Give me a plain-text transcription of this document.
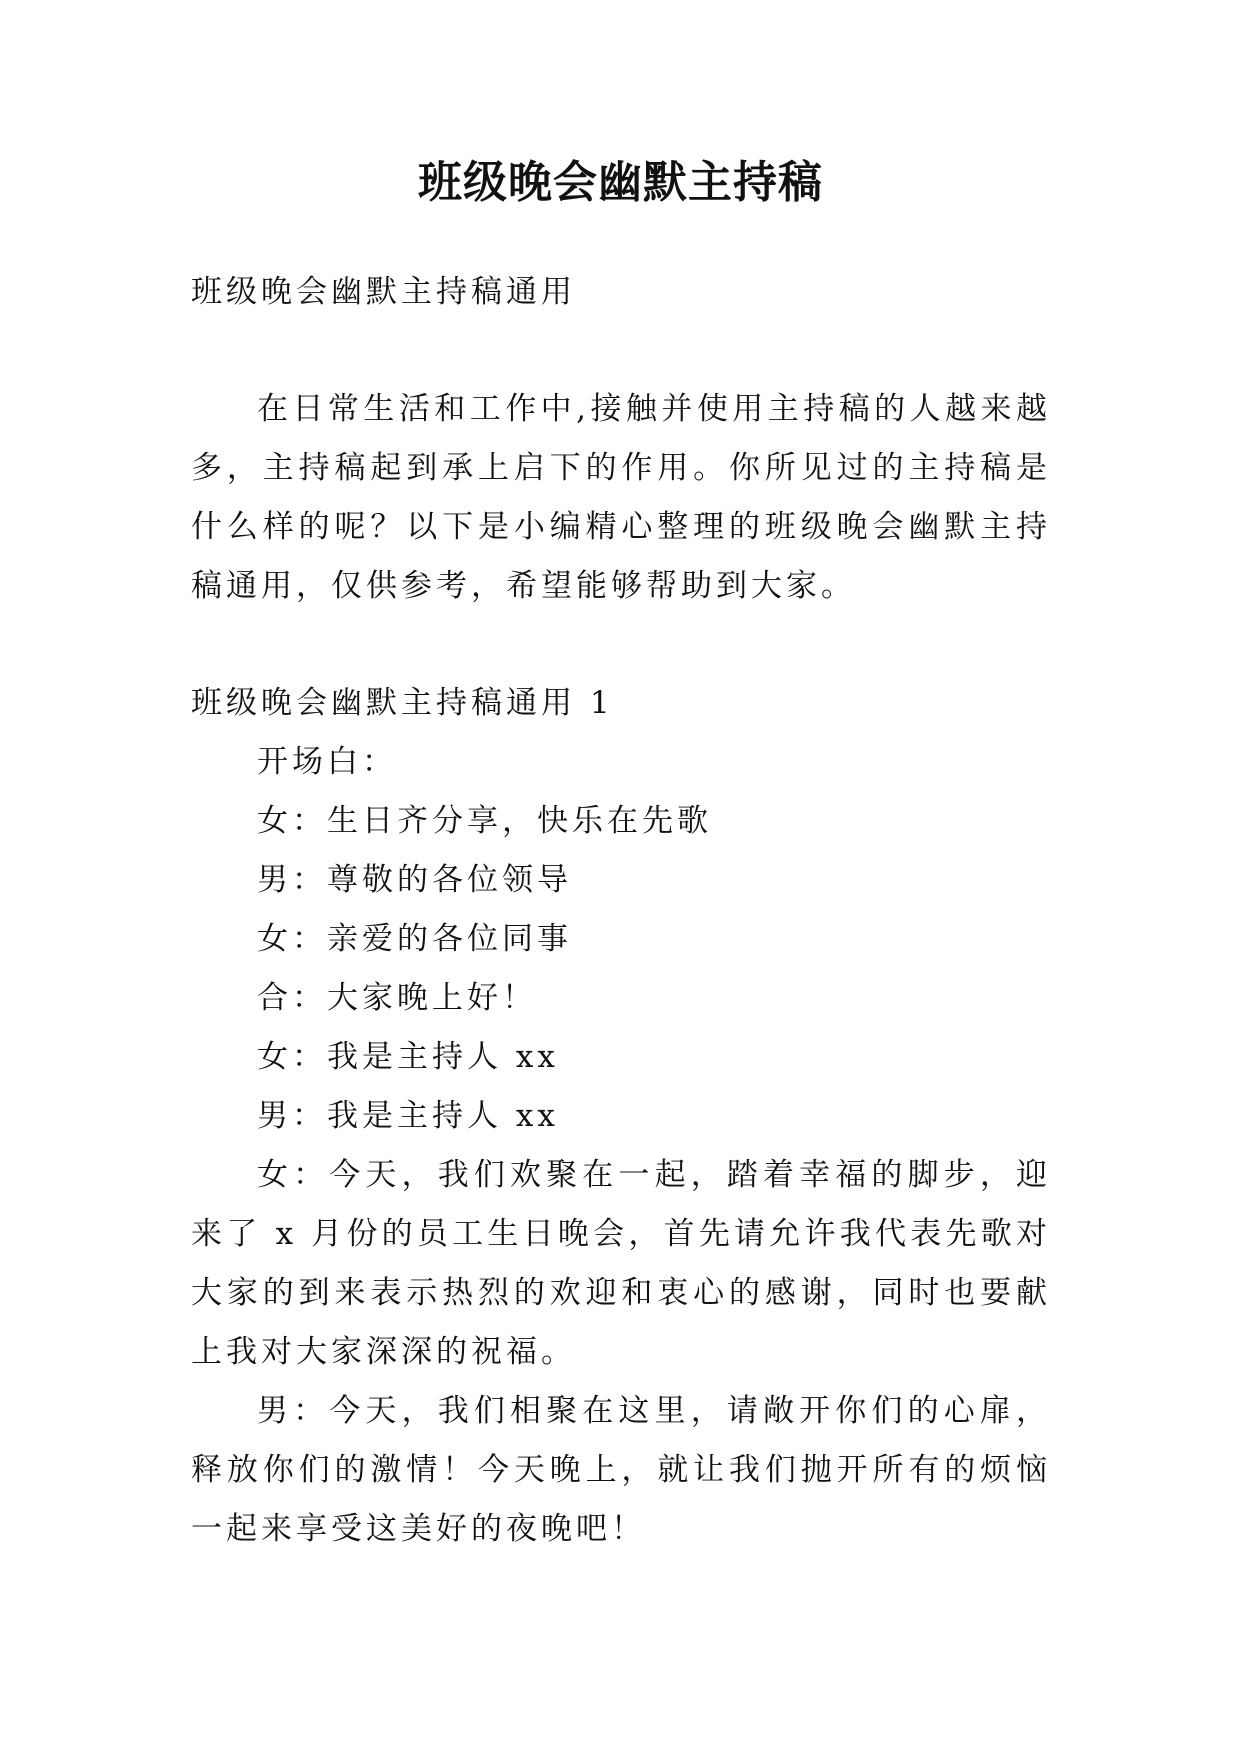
班级晚会幽默主持稿

班级晚会幽默主持稿通用

在日常生活和工作中,接触并使用主持稿的人越来越多，主持稿起到承上启下的作用。你所见过的主持稿是什么样的呢？以下是小编精心整理的班级晚会幽默主持稿通用，仅供参考，希望能够帮助到大家。

班级晚会幽默主持稿通用 1

开场白：

女：生日齐分享，快乐在先歌

男：尊敬的各位领导

女：亲爱的各位同事

合：大家晚上好！

女：我是主持人 xx

男：我是主持人 xx

女：今天，我们欢聚在一起，踏着幸福的脚步，迎来了 x 月份的员工生日晚会，首先请允许我代表先歌对大家的到来表示热烈的欢迎和衷心的感谢，同时也要献上我对大家深深的祝福。

男：今天，我们相聚在这里，请敞开你们的心扉，释放你们的激情！今天晚上，就让我们抛开所有的烦恼一起来享受这美好的夜晚吧！
